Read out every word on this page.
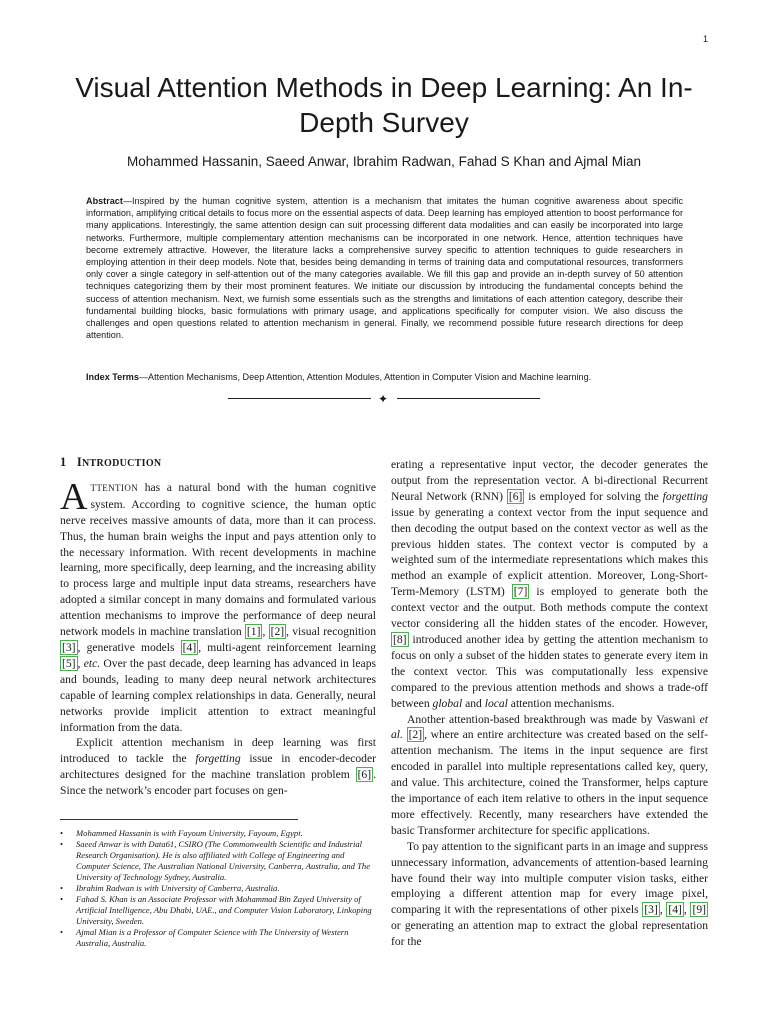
1
Visual Attention Methods in Deep Learning: An In-Depth Survey
Mohammed Hassanin, Saeed Anwar, Ibrahim Radwan, Fahad S Khan and Ajmal Mian

Abstract—Inspired by the human cognitive system, attention is a mechanism that imitates the human cognitive awareness about specific information, amplifying critical details to focus more on the essential aspects of data. Deep learning has employed attention to boost performance for many applications. Interestingly, the same attention design can suit processing different data modalities and can easily be incorporated into large networks. Furthermore, multiple complementary attention mechanisms can be incorporated in one network. Hence, attention techniques have become extremely attractive. However, the literature lacks a comprehensive survey specific to attention techniques to guide researchers in employing attention in their deep models. Note that, besides being demanding in terms of training data and computational resources, transformers only cover a single category in self-attention out of the many categories available. We fill this gap and provide an in-depth survey of 50 attention techniques categorizing them by their most prominent features. We initiate our discussion by introducing the fundamental concepts behind the success of attention mechanism. Next, we furnish some essentials such as the strengths and limitations of each attention category, describe their fundamental building blocks, basic formulations with primary usage, and applications specifically for computer vision. We also discuss the challenges and open questions related to attention mechanism in general. Finally, we recommend possible future research directions for deep attention.

Index Terms—Attention Mechanisms, Deep Attention, Attention Modules, Attention in Computer Vision and Machine learning.

✦
1 INTRODUCTION

ATTENTION has a natural bond with the human cognitive system. According to cognitive science, the human optic nerve receives massive amounts of data, more than it can process. Thus, the human brain weighs the input and pays attention only to the necessary information. With recent developments in machine learning, more specifically, deep learning, and the increasing ability to process large and multiple input data streams, researchers have adopted a similar concept in many domains and formulated various attention mechanisms to improve the performance of deep neural network models in machine translation [1] , [2] , visual recognition [3] , generative models [4] , multi-agent reinforcement learning [5] , etc. Over the past decade, deep learning has advanced in leaps and bounds, leading to many deep neural network architectures capable of learning complex relationships in data. Generally, neural networks provide implicit attention to extract meaningful information from the data.

Explicit attention mechanism in deep learning was first introduced to tackle the forgetting issue in encoder-decoder architectures designed for the machine translation problem [6] . Since the network’s encoder part focuses on gen-

• Mohammed Hassanin is with Fayoum University, Fayoum, Egypt.
• Saeed Anwar is with Data61, CSIRO (The Commonwealth Scientific and Industrial Research Organisation). He is also affiliated with College of Engineering and Computer Science, The Australian National University, Canberra, Australia, and The University of Technology Sydney, Australia.
• Ibrahim Radwan is with University of Canberra, Australia.
• Fahad S. Khan is an Associate Professor with Mohammad Bin Zayed University of Artificial Intelligence, Abu Dhabi, UAE., and Computer Vision Laboratory, Linkoping University, Sweden.
• Ajmal Mian is a Professor of Computer Science with The University of Western Australia, Australia.

erating a representative input vector, the decoder generates the output from the representation vector. A bi-directional Recurrent Neural Network (RNN) [6] is employed for solving the forgetting issue by generating a context vector from the input sequence and then decoding the output based on the context vector as well as the previous hidden states. The context vector is computed by a weighted sum of the intermediate representations which makes this method an example of explicit attention. Moreover, Long-Short-Term-Memory (LSTM) [7] is employed to generate both the context vector and the output. Both methods compute the context vector considering all the hidden states of the encoder. However, [8] introduced another idea by getting the attention mechanism to focus on only a subset of the hidden states to generate every item in the context vector. This was computationally less expensive compared to the previous attention methods and shows a trade-off between global and local attention mechanisms.

Another attention-based breakthrough was made by Vaswani et al. [2] , where an entire architecture was created based on the self-attention mechanism. The items in the input sequence are first encoded in parallel into multiple representations called key, query, and value. This architecture, coined the Transformer, helps capture the importance of each item relative to others in the input sequence more effectively. Recently, many researchers have extended the basic Transformer architecture for specific applications.

To pay attention to the significant parts in an image and suppress unnecessary information, advancements of attention-based learning have found their way into multiple computer vision tasks, either employing a different attention map for every image pixel, comparing it with the representations of other pixels [3] , [4] , [9] or generating an attention map to extract the global representation for the
